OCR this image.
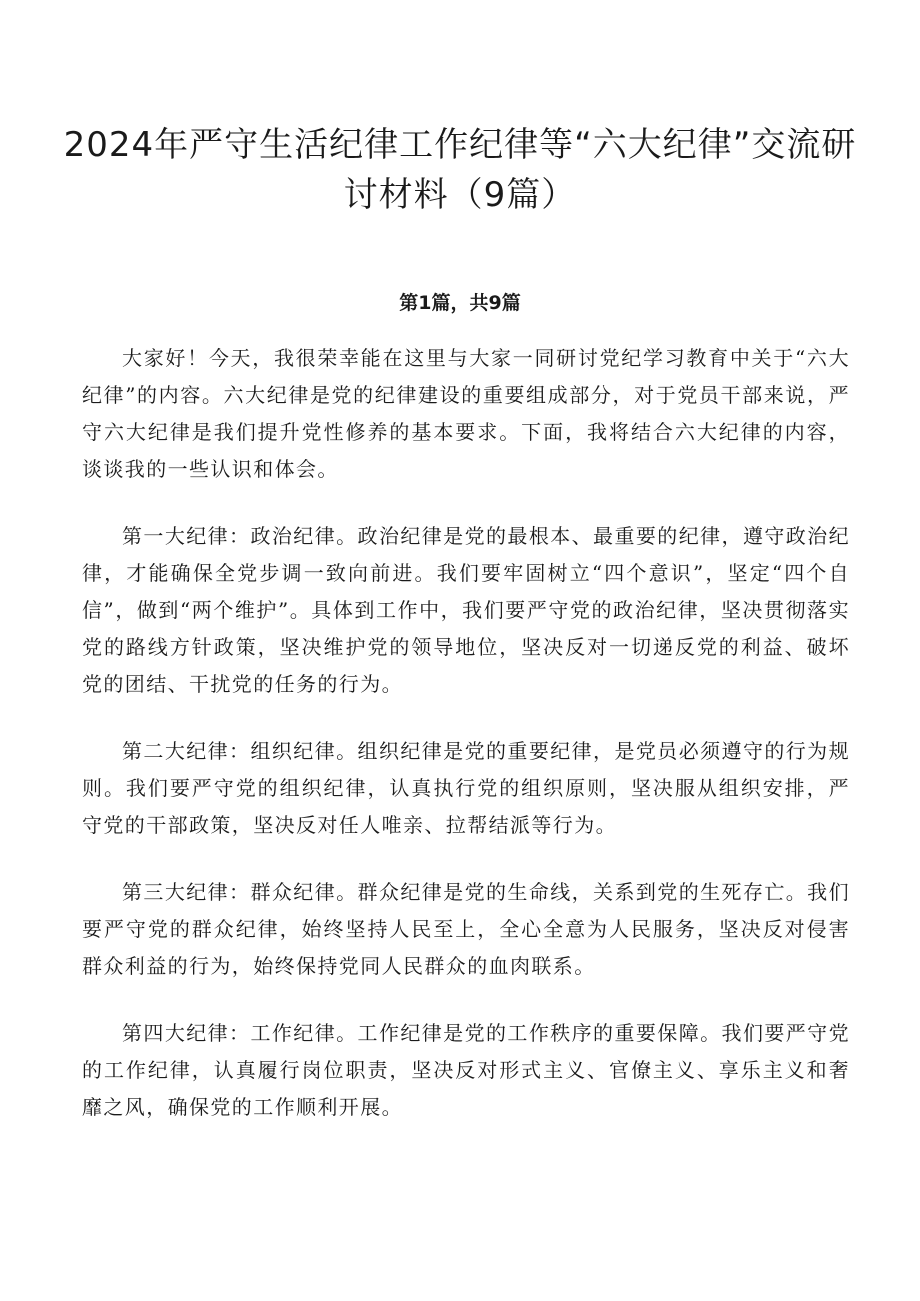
2024年严守生活纪律工作纪律等“六大纪律”交流研讨材料（9篇）
第1篇，共9篇

大家好！今天，我很荣幸能在这里与大家一同研讨党纪学习教育中关于“六大纪律”的内容。六大纪律是党的纪律建设的重要组成部分，对于党员干部来说，严守六大纪律是我们提升党性修养的基本要求。下面，我将结合六大纪律的内容，谈谈我的一些认识和体会。

第一大纪律：政治纪律。政治纪律是党的最根本、最重要的纪律，遵守政治纪律，才能确保全党步调一致向前进。我们要牢固树立“四个意识”，坚定“四个自信”，做到“两个维护”。具体到工作中，我们要严守党的政治纪律，坚决贯彻落实党的路线方针政策，坚决维护党的领导地位，坚决反对一切递反党的利益、破坏党的团结、干扰党的任务的行为。

第二大纪律：组织纪律。组织纪律是党的重要纪律，是党员必须遵守的行为规则。我们要严守党的组织纪律，认真执行党的组织原则，坚决服从组织安排，严守党的干部政策，坚决反对任人唯亲、拉帮结派等行为。

第三大纪律：群众纪律。群众纪律是党的生命线，关系到党的生死存亡。我们要严守党的群众纪律，始终坚持人民至上，全心全意为人民服务，坚决反对侵害群众利益的行为，始终保持党同人民群众的血肉联系。

第四大纪律：工作纪律。工作纪律是党的工作秩序的重要保障。我们要严守党的工作纪律，认真履行岗位职责，坚决反对形式主义、官僚主义、享乐主义和奢靡之风，确保党的工作顺利开展。
